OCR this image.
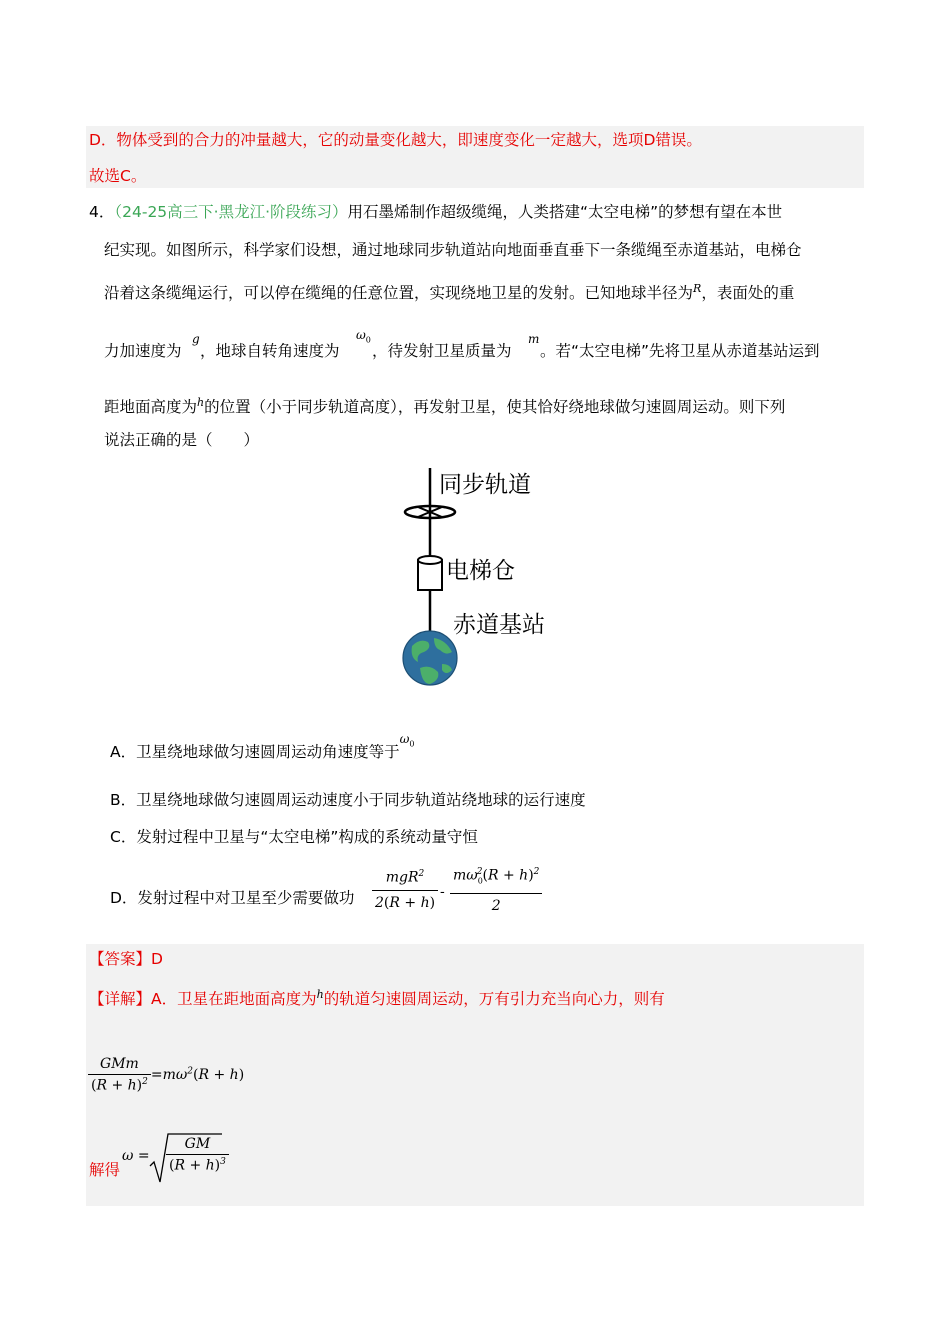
D．物体受到的合力的冲量越大，它的动量变化越大，即速度变化一定越大，选项D错误。
故选C。
4．（24-25高三下·黑龙江·阶段练习）用石墨烯制作超级缆绳，人类搭建“太空电梯”的梦想有望在本世
纪实现。如图所示，科学家们设想，通过地球同步轨道站向地面垂直垂下一条缆绳至赤道基站，电梯仓
沿着这条缆绳运行，可以停在缆绳的任意位置，实现绕地卫星的发射。已知地球半径为$^R$，表面处的重
力加速度为
g
，地球自转角速度为
$\omega_0$
，待发射卫星质量为
m
。若“太空电梯”先将卫星从赤道基站运到
距地面高度为$^h$的位置（小于同步轨道高度），再发射卫星，使其恰好绕地球做匀速圆周运动。则下列
说法正确的是（　　）
同步轨道
电梯仓
赤道基站
A．卫星绕地球做匀速圆周运动角速度等于$^{\omega_0}$
B．卫星绕地球做匀速圆周运动速度小于同步轨道站绕地球的运行速度
C．发射过程中卫星与“太空电梯”构成的系统动量守恒
D．发射过程中对卫星至少需要做功
mgR$^2$
2(R + h)
- $\frac{m\omega_0^2(R + h)^2}{2}$
【答案】D
【详解】A．卫星在距地面高度为$^h$的轨道匀速圆周运动，万有引力充当向心力，则有
$\frac{\text{GMm}}{(R + h)^2} =m\omega^2(R + h)$
解得
$\omega = \frac{GM}{(R + h)^3}$
